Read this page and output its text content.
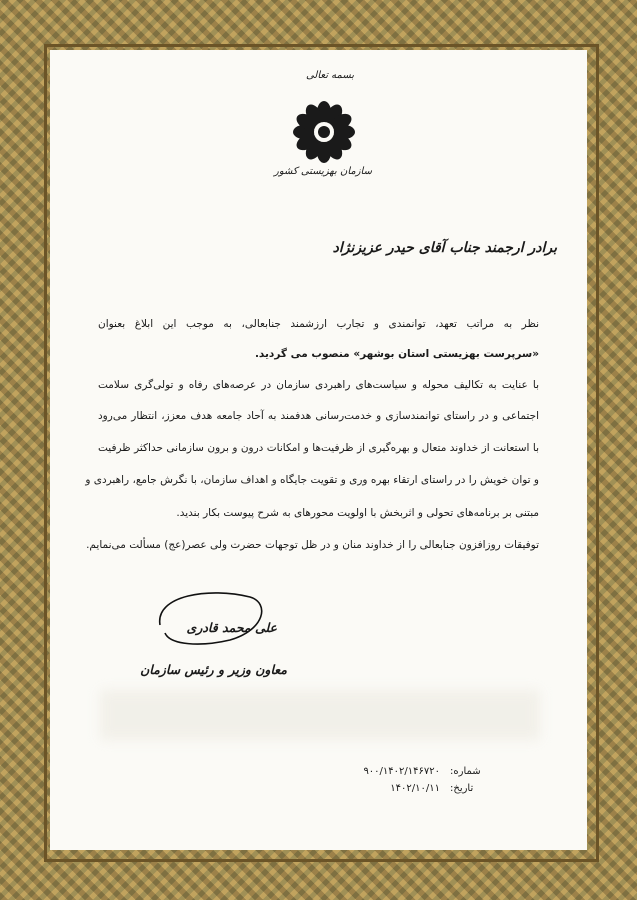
بسمه تعالی
سازمان بهزیستی کشور
برادر ارجمند جناب آقای حیدر عزیزنژاد
نظر به مراتب تعهد، توانمندی و تجارب ارزشمند جنابعالی، به موجب این ابلاغ بعنوان
«سرپرست بهزیستی استان بوشهر» منصوب می گردید.
با عنایت به تکالیف محوله و سیاست‌های راهبردی سازمان در عرصه‌های رفاه و تولی‌گری سلامت
اجتماعی و در راستای توانمندسازی و خدمت‌رسانی هدفمند به آحاد جامعه هدف معزز، انتظار می‌رود
با استعانت از خداوند متعال و بهره‌گیری از ظرفیت‌ها و امکانات درون و برون سازمانی حداکثر ظرفیت
و توان خویش را در راستای ارتقاء بهره وری و تقویت جایگاه و اهداف سازمان، با نگرش جامع، راهبردی و
مبتنی بر برنامه‌های تحولی و اثربخش با اولویت محورهای به شرح پیوست بکار بندید.
توفیقات روزافزون جنابعالی را از خداوند منان و در ظل توجهات حضرت ولی عصر(عج) مسألت می‌نمایم.
علی محمد قادری
معاون وزیر و رئیس سازمان
شماره:
۹۰۰/۱۴۰۲/۱۴۶۷۲۰
تاریخ:
۱۴۰۲/۱۰/۱۱
